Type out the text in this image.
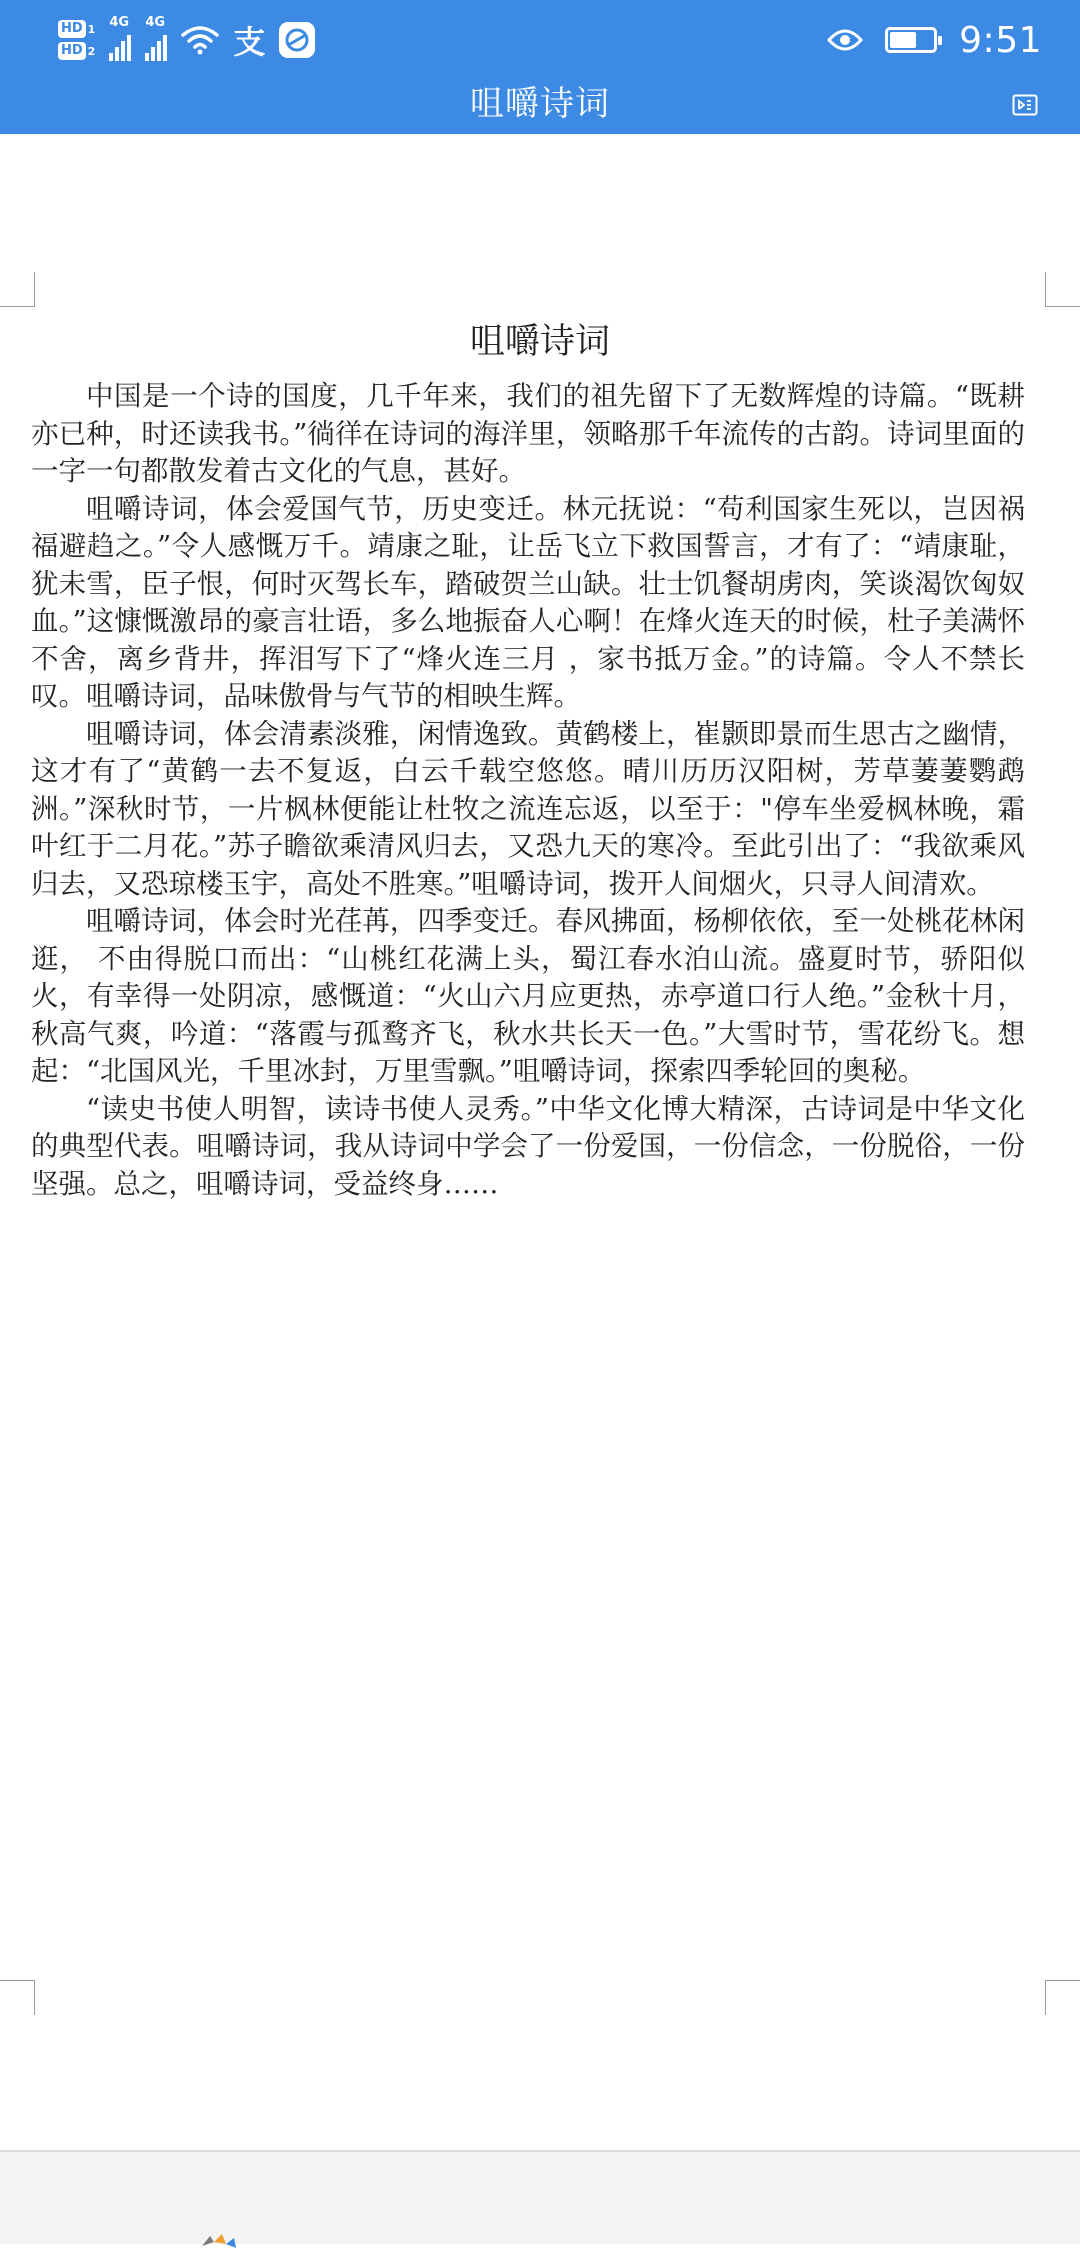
HD 1
HD 2
4G 4G
支	9:51
咀嚼诗词
咀嚼诗词

中国是一个诗的国度，几千年来，我们的祖先留下了无数辉煌的诗篇。“既耕亦已种，时还读我书。”徜徉在诗词的海洋里，领略那千年流传的古韵。诗词里面的一字一句都散发着古文化的气息，甚好。

咀嚼诗词，体会爱国气节，历史变迁。林元抚说：“苟利国家生死以，岂因祸福避趋之。”令人感慨万千。靖康之耻，让岳飞立下救国誓言，才有了：“靖康耻，犹未雪，臣子恨，何时灭驾长车，踏破贺兰山缺。壮士饥餐胡虏肉，笑谈渴饮匈奴血。”这慷慨激昂的豪言壮语，多么地振奋人心啊！在烽火连天的时候，杜子美满怀不舍，离乡背井，挥泪写下了“烽火连三月 ，家书抵万金。”的诗篇。令人不禁长叹。咀嚼诗词，品味傲骨与气节的相映生辉。

咀嚼诗词，体会清素淡雅，闲情逸致。黄鹤楼上，崔颢即景而生思古之幽情，这才有了“黄鹤一去不复返，白云千载空悠悠。晴川历历汉阳树，芳草萋萋鹦鹉洲。”深秋时节，一片枫林便能让杜牧之流连忘返，以至于："停车坐爱枫林晚，霜叶红于二月花。”苏子瞻欲乘清风归去，又恐九天的寒冷。至此引出了：“我欲乘风归去，又恐琼楼玉宇，高处不胜寒。”咀嚼诗词，拨开人间烟火，只寻人间清欢。

咀嚼诗词，体会时光荏苒，四季变迁。春风拂面，杨柳依依，至一处桃花林闲逛， 不由得脱口而出：“山桃红花满上头，蜀江春水泊山流。盛夏时节，骄阳似火，有幸得一处阴凉，感慨道：“火山六月应更热，赤亭道口行人绝。”金秋十月，秋高气爽，吟道：“落霞与孤鹜齐飞，秋水共长天一色。”大雪时节，雪花纷飞。想起：“北国风光，千里冰封，万里雪飘。”咀嚼诗词，探索四季轮回的奥秘。

“读史书使人明智，读诗书使人灵秀。”中华文化博大精深，古诗词是中华文化的典型代表。咀嚼诗词，我从诗词中学会了一份爱国，一份信念，一份脱俗，一份坚强。总之，咀嚼诗词，受益终身……
